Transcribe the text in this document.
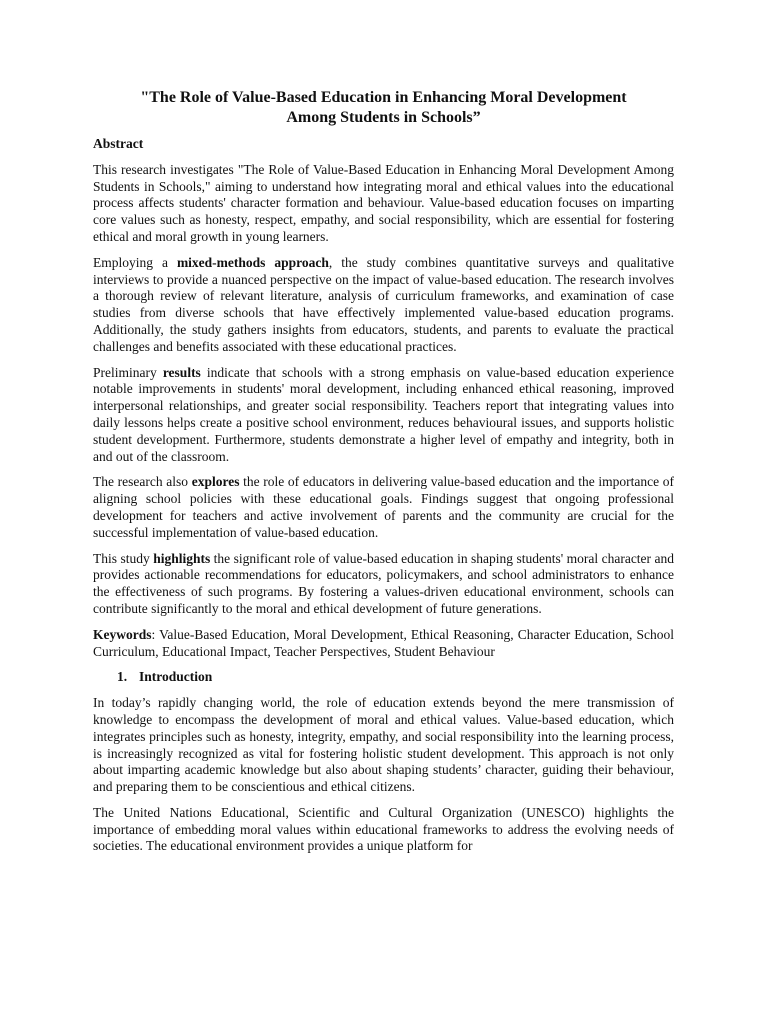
"The Role of Value-Based Education in Enhancing Moral Development
Among Students in Schools”
Abstract

This research investigates "The Role of Value-Based Education in Enhancing Moral Development Among Students in Schools," aiming to understand how integrating moral and ethical values into the educational process affects students' character formation and behaviour. Value-based education focuses on imparting core values such as honesty, respect, empathy, and social responsibility, which are essential for fostering ethical and moral growth in young learners.

Employing a mixed-methods approach, the study combines quantitative surveys and qualitative interviews to provide a nuanced perspective on the impact of value-based education. The research involves a thorough review of relevant literature, analysis of curriculum frameworks, and examination of case studies from diverse schools that have effectively implemented value-based education programs. Additionally, the study gathers insights from educators, students, and parents to evaluate the practical challenges and benefits associated with these educational practices.

Preliminary results indicate that schools with a strong emphasis on value-based education experience notable improvements in students' moral development, including enhanced ethical reasoning, improved interpersonal relationships, and greater social responsibility. Teachers report that integrating values into daily lessons helps create a positive school environment, reduces behavioural issues, and supports holistic student development. Furthermore, students demonstrate a higher level of empathy and integrity, both in and out of the classroom.

The research also explores the role of educators in delivering value-based education and the importance of aligning school policies with these educational goals. Findings suggest that ongoing professional development for teachers and active involvement of parents and the community are crucial for the successful implementation of value-based education.

This study highlights the significant role of value-based education in shaping students' moral character and provides actionable recommendations for educators, policymakers, and school administrators to enhance the effectiveness of such programs. By fostering a values-driven educational environment, schools can contribute significantly to the moral and ethical development of future generations.

Keywords: Value-Based Education, Moral Development, Ethical Reasoning, Character Education, School Curriculum, Educational Impact, Teacher Perspectives, Student Behaviour

1. Introduction

In today’s rapidly changing world, the role of education extends beyond the mere transmission of knowledge to encompass the development of moral and ethical values. Value-based education, which integrates principles such as honesty, integrity, empathy, and social responsibility into the learning process, is increasingly recognized as vital for fostering holistic student development. This approach is not only about imparting academic knowledge but also about shaping students’ character, guiding their behaviour, and preparing them to be conscientious and ethical citizens.

The United Nations Educational, Scientific and Cultural Organization (UNESCO) highlights the importance of embedding moral values within educational frameworks to address the evolving needs of societies. The educational environment provides a unique platform for
